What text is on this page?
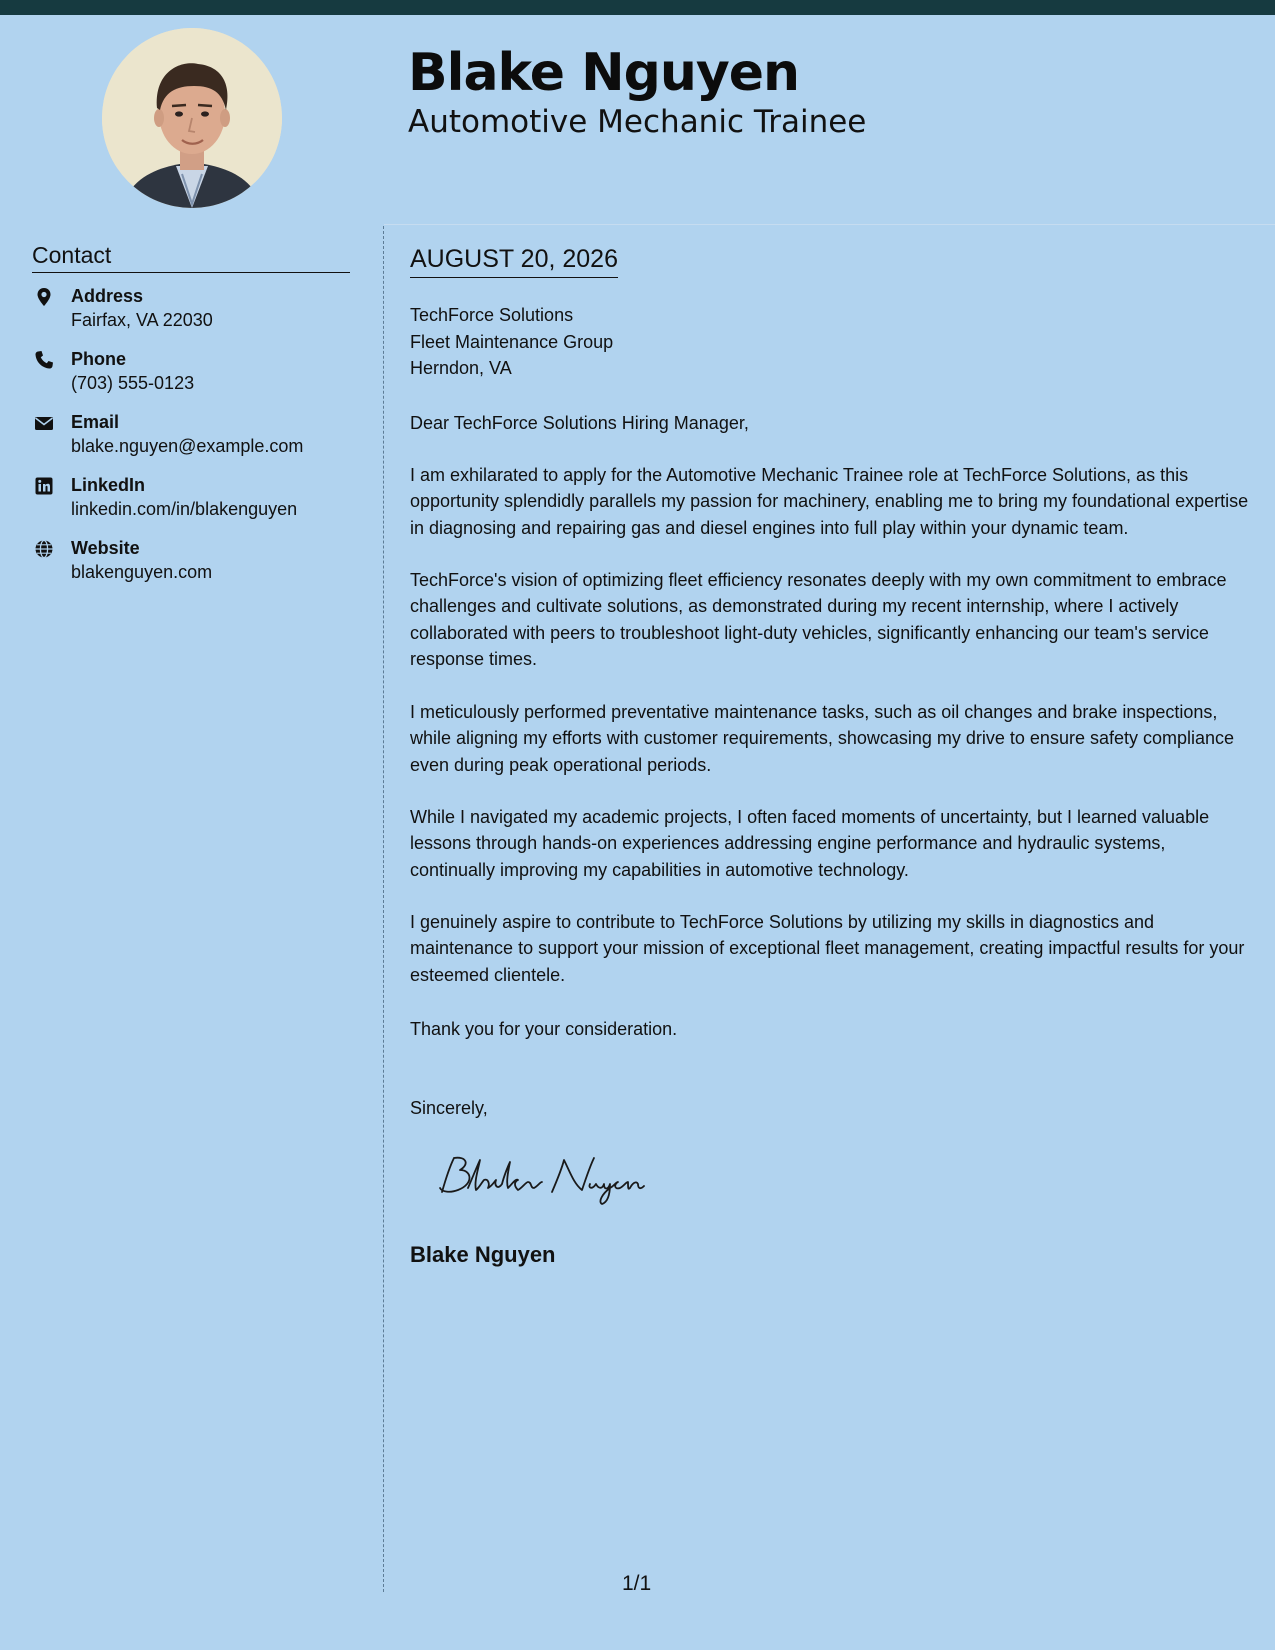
Blake Nguyen
Automotive Mechanic Trainee
Contact
Address
Fairfax, VA 22030
Phone
(703) 555-0123
Email
blake.nguyen@example.com
LinkedIn
linkedin.com/in/blakenguyen
Website
blakenguyen.com
AUGUST 20, 2026
TechForce Solutions
Fleet Maintenance Group
Herndon, VA
Dear TechForce Solutions Hiring Manager,

I am exhilarated to apply for the Automotive Mechanic Trainee role at TechForce Solutions, as this opportunity splendidly parallels my passion for machinery, enabling me to bring my foundational expertise in diagnosing and repairing gas and diesel engines into full play within your dynamic team.

TechForce's vision of optimizing fleet efficiency resonates deeply with my own commitment to embrace challenges and cultivate solutions, as demonstrated during my recent internship, where I actively collaborated with peers to troubleshoot light-duty vehicles, significantly enhancing our team's service response times.

I meticulously performed preventative maintenance tasks, such as oil changes and brake inspections, while aligning my efforts with customer requirements, showcasing my drive to ensure safety compliance even during peak operational periods.

While I navigated my academic projects, I often faced moments of uncertainty, but I learned valuable lessons through hands-on experiences addressing engine performance and hydraulic systems, continually improving my capabilities in automotive technology.

I genuinely aspire to contribute to TechForce Solutions by utilizing my skills in diagnostics and maintenance to support your mission of exceptional fleet management, creating impactful results for your esteemed clientele.

Thank you for your consideration.
Sincerely,
Blake Nguyen
1/1
